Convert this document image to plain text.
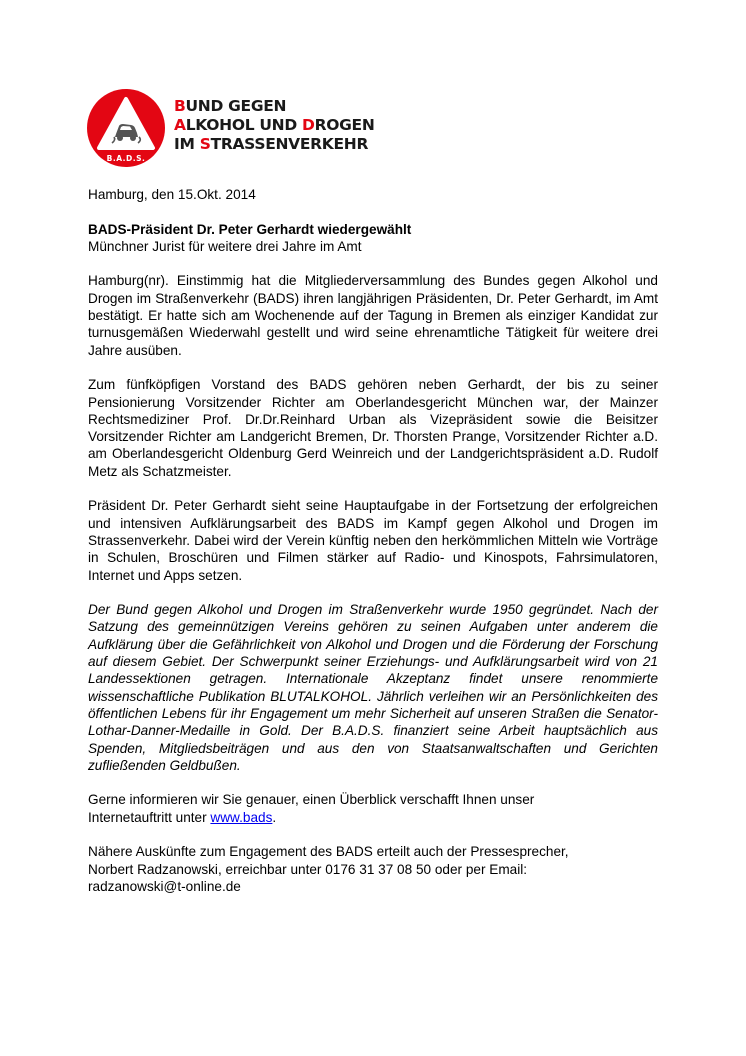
B.A.D.S.
BUND GEGEN
ALKOHOL UND DROGEN
IM STRASSENVERKEHR

Hamburg, den 15.Okt. 2014

BADS-Präsident Dr. Peter Gerhardt wiedergewählt

Münchner Jurist für weitere drei Jahre im Amt

Hamburg(nr). Einstimmig hat die Mitgliederversammlung des Bundes gegen Alkohol und Drogen im Straßenverkehr (BADS) ihren langjährigen Präsidenten, Dr. Peter Gerhardt, im Amt bestätigt. Er hatte sich am Wochenende auf der Tagung in Bremen als einziger Kandidat zur turnusgemäßen Wiederwahl gestellt und wird seine ehrenamtliche Tätigkeit für weitere drei Jahre ausüben.

Zum fünfköpfigen Vorstand des BADS gehören neben Gerhardt, der bis zu seiner Pensionierung Vorsitzender Richter am Oberlandesgericht München war, der Mainzer Rechtsmediziner Prof. Dr.Dr.Reinhard Urban als Vizepräsident sowie die Beisitzer Vorsitzender Richter am Landgericht Bremen, Dr. Thorsten Prange, Vorsitzender Richter a.D. am Oberlandesgericht Oldenburg Gerd Weinreich und der Landgerichtspräsident a.D. Rudolf Metz als Schatzmeister.

Präsident Dr. Peter Gerhardt sieht seine Hauptaufgabe in der Fortsetzung der erfolgreichen und intensiven Aufklärungsarbeit des BADS im Kampf gegen Alkohol und Drogen im Strassenverkehr. Dabei wird der Verein künftig neben den herkömmlichen Mitteln wie Vorträge in Schulen, Broschüren und Filmen stärker auf Radio- und Kinospots, Fahrsimulatoren, Internet und Apps setzen.

Der Bund gegen Alkohol und Drogen im Straßenverkehr wurde 1950 gegründet. Nach der Satzung des gemeinnützigen Vereins gehören zu seinen Aufgaben unter anderem die Aufklärung über die Gefährlichkeit von Alkohol und Drogen und die Förderung der Forschung auf diesem Gebiet. Der Schwerpunkt seiner Erziehungs- und Aufklärungsarbeit wird von 21 Landessektionen getragen. Internationale Akzeptanz findet unsere renommierte wissenschaftliche Publikation BLUTALKOHOL. Jährlich verleihen wir an Persönlichkeiten des öffentlichen Lebens für ihr Engagement um mehr Sicherheit auf unseren Straßen die Senator-Lothar-Danner-Medaille in Gold. Der B.A.D.S. finanziert seine Arbeit hauptsächlich aus Spenden, Mitgliedsbeiträgen und aus den von Staatsanwaltschaften und Gerichten zufließenden Geldbußen.

Gerne informieren wir Sie genauer, einen Überblick verschafft Ihnen unser
Internetauftritt unter www.bads.

Nähere Auskünfte zum Engagement des BADS erteilt auch der Pressesprecher,
Norbert Radzanowski, erreichbar unter 0176 31 37 08 50 oder per Email:
radzanowski@t-online.de
